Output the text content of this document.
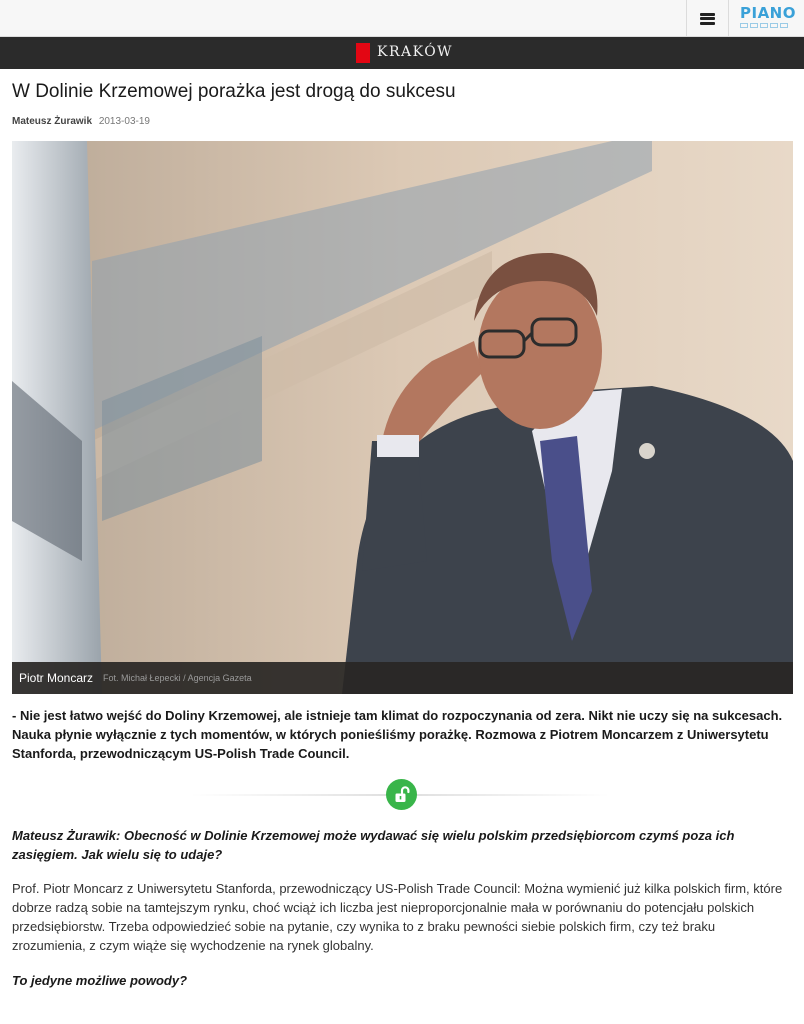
PIANO
KRAKÓW
W Dolinie Krzemowej porażka jest drogą do sukcesu
Mateusz Żurawik 2013-03-19
Piotr Moncarz Fot. Michał Łepecki / Agencja Gazeta

- Nie jest łatwo wejść do Doliny Krzemowej, ale istnieje tam klimat do rozpoczynania od zera. Nikt nie uczy się na sukcesach. Nauka płynie wyłącznie z tych momentów, w których ponieśliśmy porażkę. Rozmowa z Piotrem Moncarzem z Uniwersytetu Stanforda, przewodniczącym US-Polish Trade Council.

Mateusz Żurawik: Obecność w Dolinie Krzemowej może wydawać się wielu polskim przedsiębiorcom czymś poza ich zasięgiem. Jak wielu się to udaje?

Prof. Piotr Moncarz z Uniwersytetu Stanforda, przewodniczący US-Polish Trade Council: Można wymienić już kilka polskich firm, które dobrze radzą sobie na tamtejszym rynku, choć wciąż ich liczba jest nieproporcjonalnie mała w porównaniu do potencjału polskich przedsiębiorstw. Trzeba odpowiedzieć sobie na pytanie, czy wynika to z braku pewności siebie polskich firm, czy też braku zrozumienia, z czym wiąże się wychodzenie na rynek globalny.

To jedyne możliwe powody?
